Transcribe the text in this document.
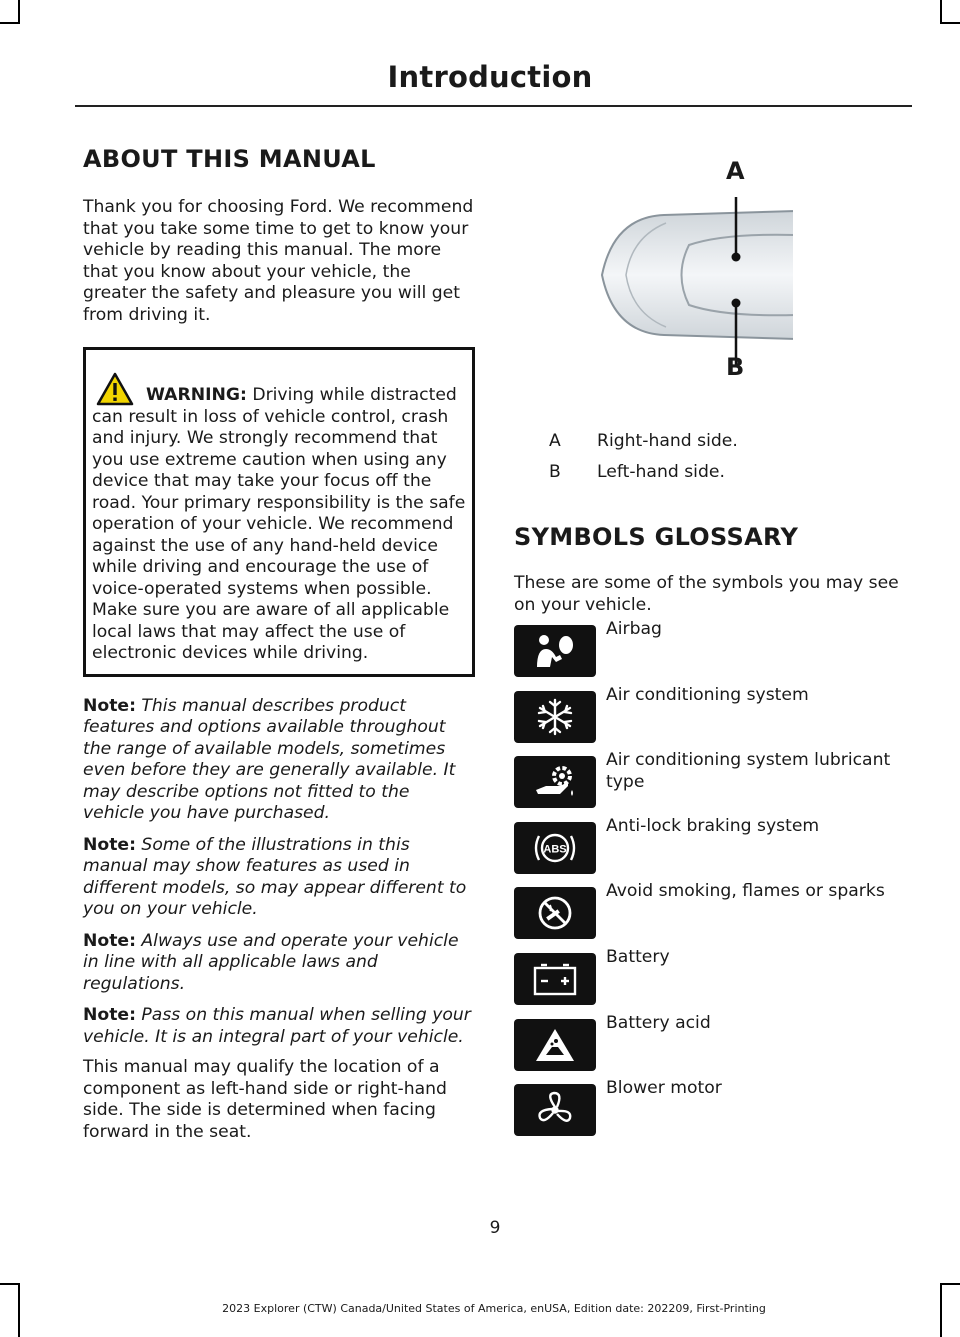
Introduction
ABOUT THIS MANUAL

Thank you for choosing Ford. We recommend that you take some time to get to know your vehicle by reading this manual. The more that you know about your vehicle, the greater the safety and pleasure you will get from driving it.

WARNING: Driving while distracted can result in loss of vehicle control, crash and injury. We strongly recommend that you use extreme caution when using any device that may take your focus off the road. Your primary responsibility is the safe operation of your vehicle. We recommend against the use of any hand-held device while driving and encourage the use of voice-operated systems when possible. Make sure you are aware of all applicable local laws that may affect the use of electronic devices while driving.

Note: This manual describes product features and options available throughout the range of available models, sometimes even before they are generally available. It may describe options not fitted to the vehicle you have purchased.

Note: Some of the illustrations in this manual may show features as used in different models, so may appear different to you on your vehicle.

Note: Always use and operate your vehicle in line with all applicable laws and regulations.

Note: Pass on this manual when selling your vehicle. It is an integral part of your vehicle.

This manual may qualify the location of a component as left-hand side or right-hand side. The side is determined when facing forward in the seat.

A
B
A	Right-hand side.
B	Left-hand side.
SYMBOLS GLOSSARY

These are some of the symbols you may see on your vehicle.

Airbag
Air conditioning system
Air conditioning system lubricant type
ABS
Anti-lock braking system
Avoid smoking, flames or sparks
Battery
Battery acid
Blower motor
9
2023 Explorer (CTW) Canada/United States of America, enUSA, Edition date: 202209, First-Printing
